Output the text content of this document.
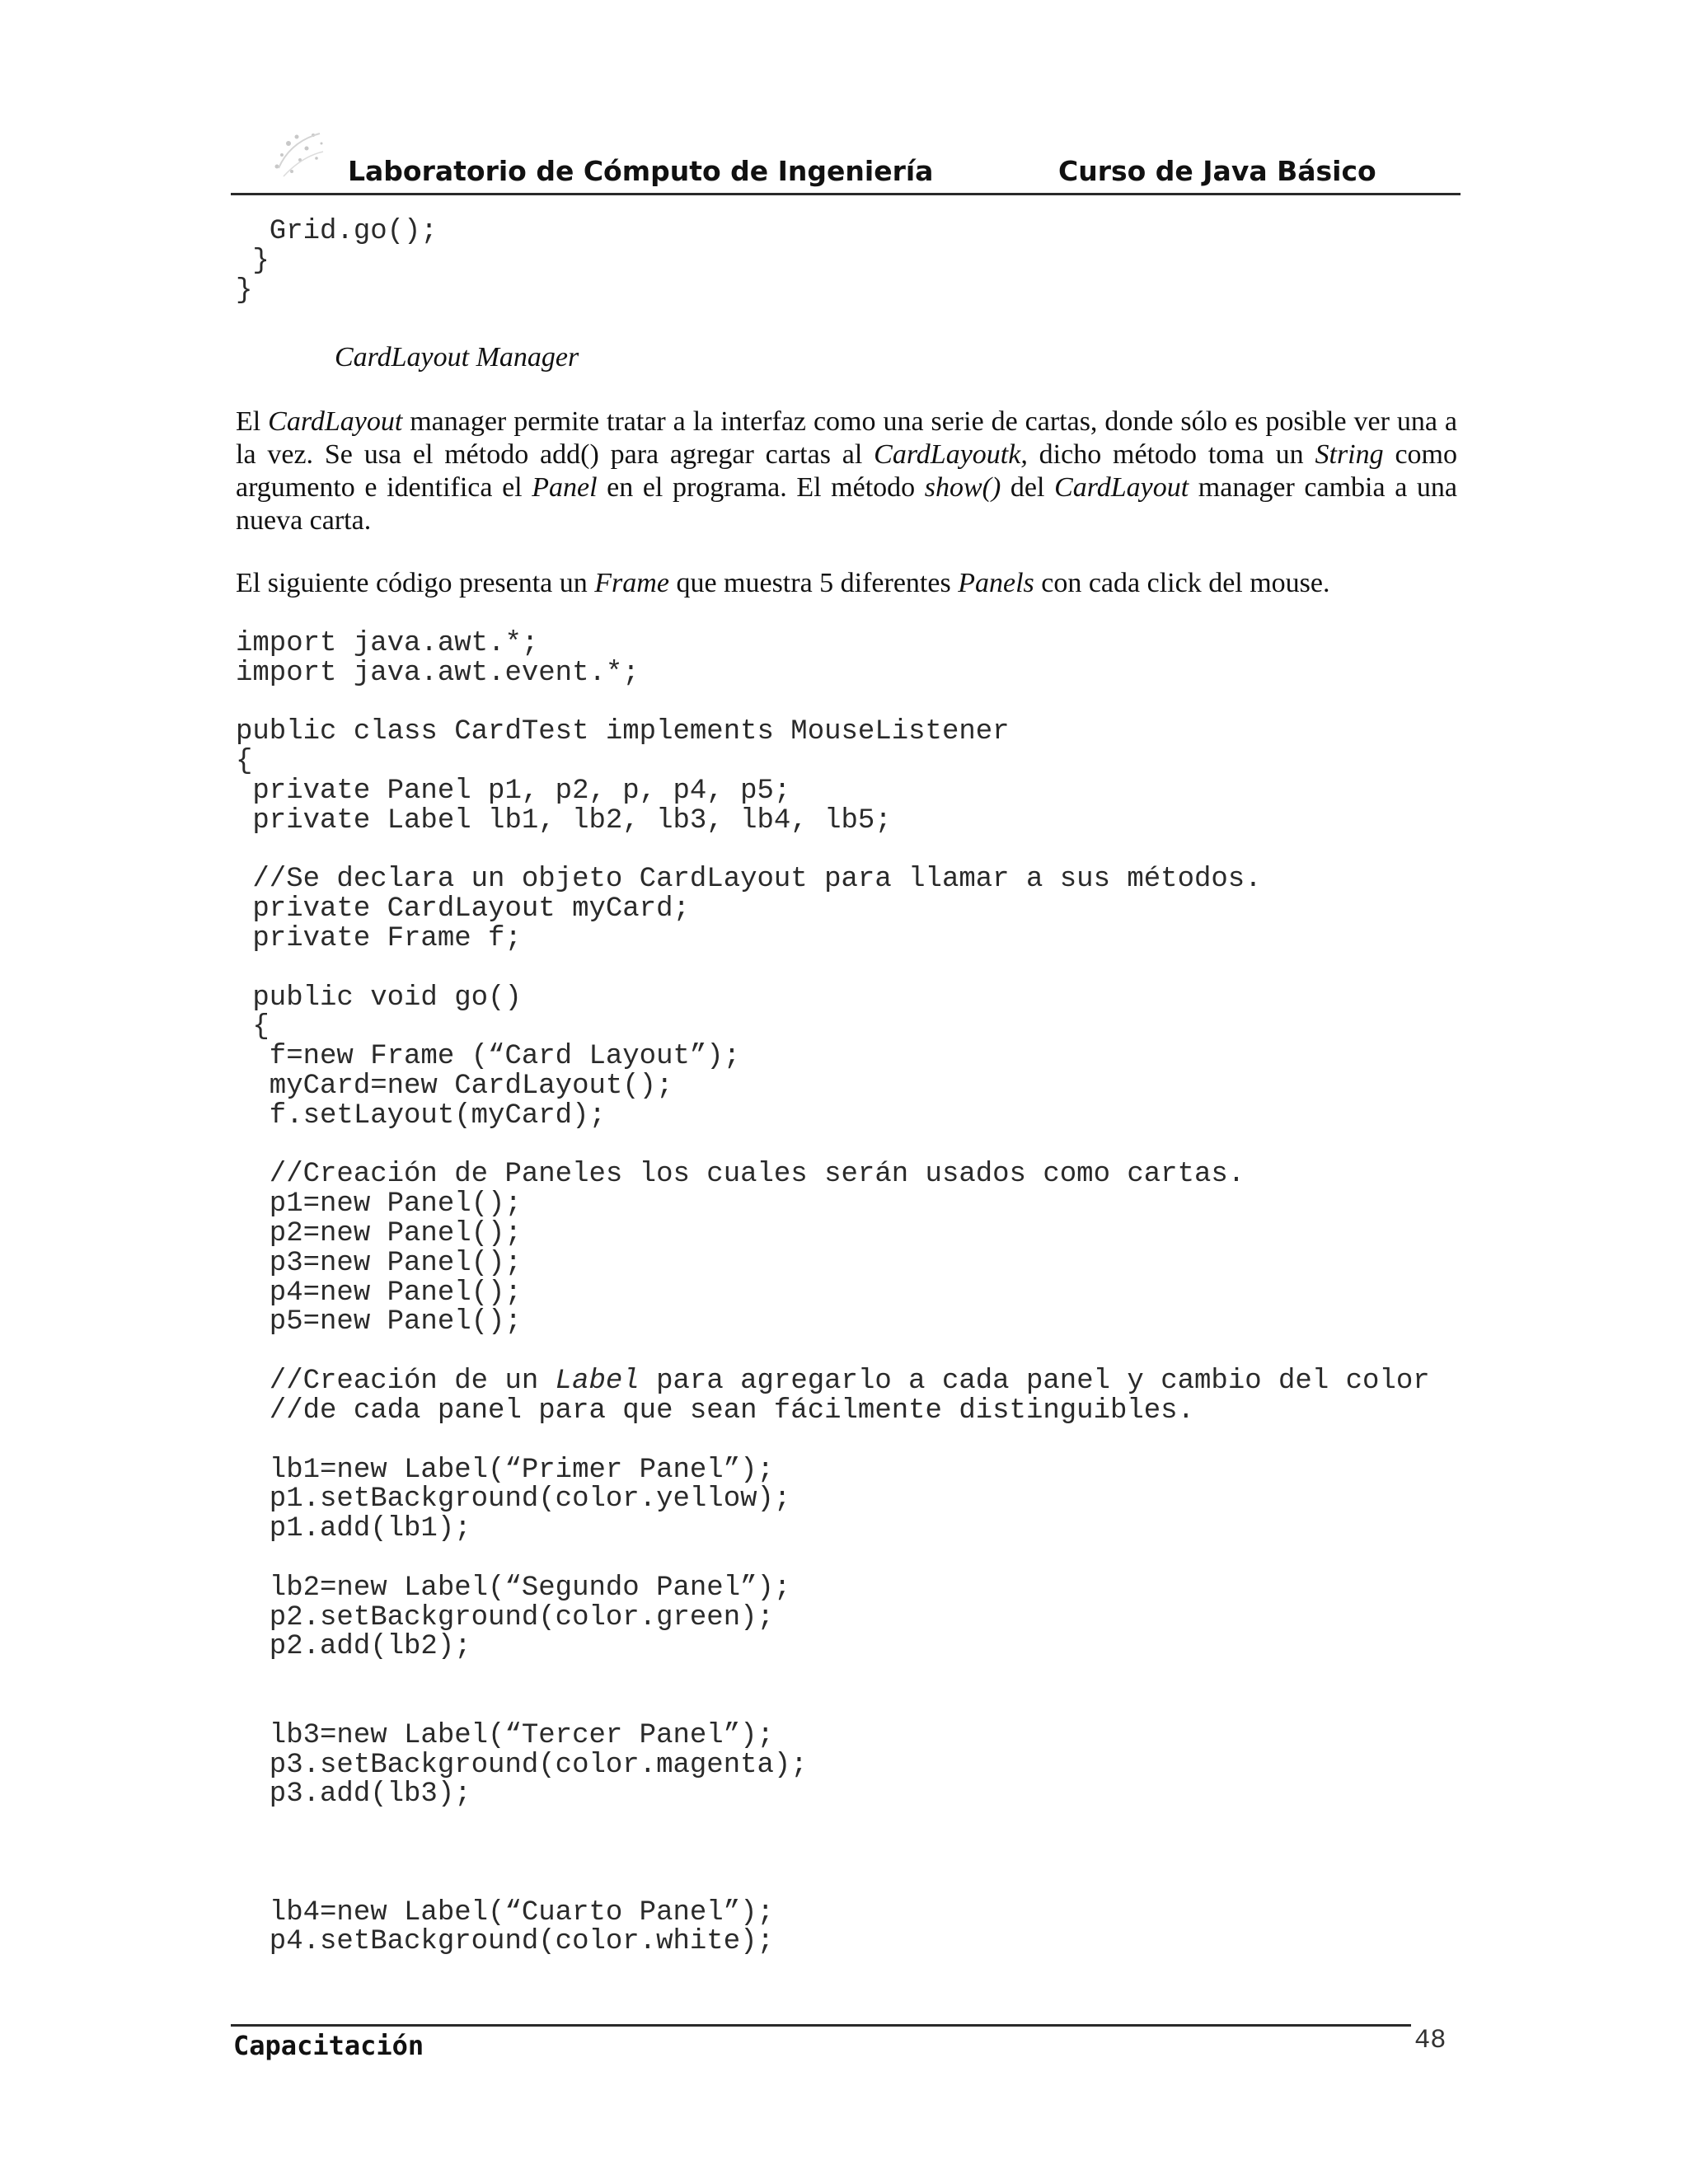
Laboratorio de Cómputo de Ingeniería	Curso de Java Básico
Grid.go();
}
}
CardLayout Manager

El CardLayout manager permite tratar a la interfaz como una serie de cartas, donde sólo es posible ver una a la vez. Se usa el método add() para agregar cartas al CardLayoutk, dicho método toma un String como argumento e identifica el Panel en el programa. El método show() del CardLayout manager cambia a una nueva carta.

El siguiente código presenta un Frame que muestra 5 diferentes Panels con cada click del mouse.

import java.awt.*;
import java.awt.event.*;

public class CardTest implements MouseListener
{
private Panel p1, p2, p, p4, p5;
private Label lb1, lb2, lb3, lb4, lb5;

//Se declara un objeto CardLayout para llamar a sus métodos.
private CardLayout myCard;
private Frame f;

public void go()
{
f=new Frame (“Card Layout”);
myCard=new CardLayout();
f.setLayout(myCard);

//Creación de Paneles los cuales serán usados como cartas.
p1=new Panel();
p2=new Panel();
p3=new Panel();
p4=new Panel();
p5=new Panel();

//Creación de un Label para agregarlo a cada panel y cambio del color
//de cada panel para que sean fácilmente distinguibles.

lb1=new Label(“Primer Panel”);
p1.setBackground(color.yellow);
p1.add(lb1);

lb2=new Label(“Segundo Panel”);
p2.setBackground(color.green);
p2.add(lb2);

lb3=new Label(“Tercer Panel”);
p3.setBackground(color.magenta);
p3.add(lb3);

lb4=new Label(“Cuarto Panel”);
p4.setBackground(color.white);
Capacitación	48
